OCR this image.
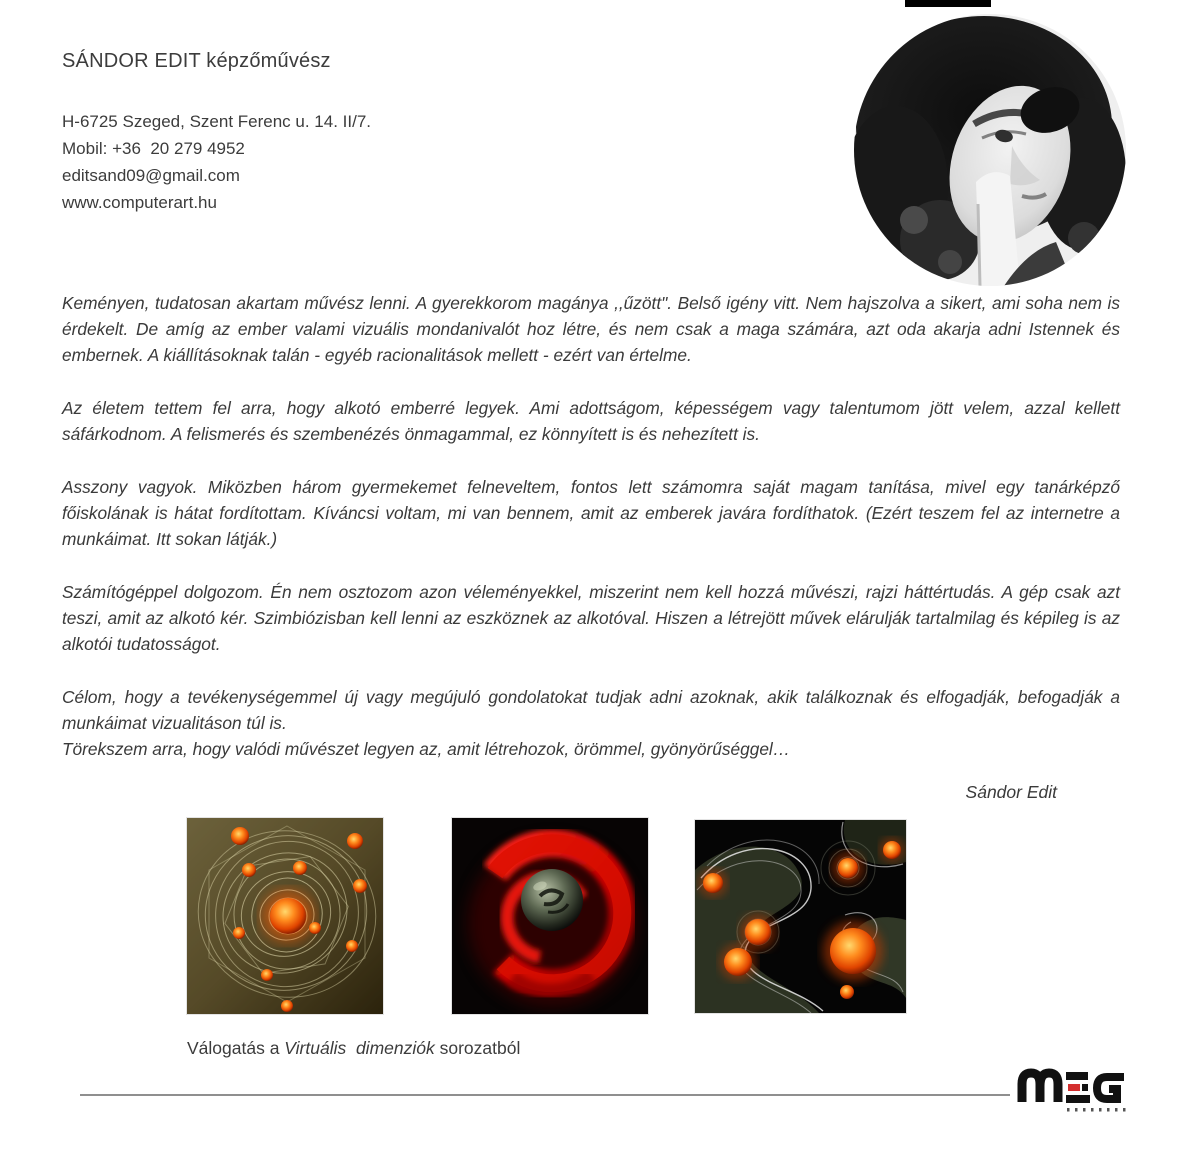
SÁNDOR EDIT képzőművész
H-6725 Szeged, Szent Ferenc u. 14. II/7.
Mobil: +36  20 279 4952
editsand09@gmail.com
www.computerart.hu

Keményen, tudatosan akartam művész lenni. A gyerekkorom magánya ,,űzött". Belső igény vitt. Nem hajszolva a sikert, ami soha nem is érdekelt. De amíg az ember valami vizuális mondanivalót hoz létre, és nem csak a maga számára, azt oda akarja adni Istennek és embernek. A kiállításoknak talán - egyéb racionalitások mellett - ezért van értelme.

Az életem tettem fel arra, hogy alkotó emberré legyek. Ami adottságom, képességem vagy talentumom jött velem, azzal kellett sáfárkodnom. A felismerés és szembenézés önmagammal, ez könnyített is és nehezített is.

Asszony vagyok. Miközben három gyermekemet felneveltem, fontos lett számomra saját magam tanítása, mivel egy tanárképző főiskolának is hátat fordítottam. Kíváncsi voltam, mi van bennem, amit az emberek javára fordíthatok. (Ezért teszem fel az internetre a munkáimat. Itt sokan látják.)

Számítógéppel dolgozom. Én nem osztozom azon véleményekkel, miszerint nem kell hozzá művészi, rajzi háttértudás. A gép csak azt teszi, amit az alkotó kér. Szimbiózisban kell lenni az eszköznek az alkotóval. Hiszen a létrejött művek elárulják tartalmilag és képileg is az alkotói tudatosságot.

Célom, hogy a tevékenységemmel új vagy megújuló gondolatokat tudjak adni azoknak, akik találkoznak és elfogadják, befogadják a munkáimat vizualitáson túl is.

Törekszem arra, hogy valódi művészet legyen az, amit létrehozok, örömmel, gyönyörűséggel…

Sándor Edit
Válogatás a Virtuális  dimenziók sorozatból
